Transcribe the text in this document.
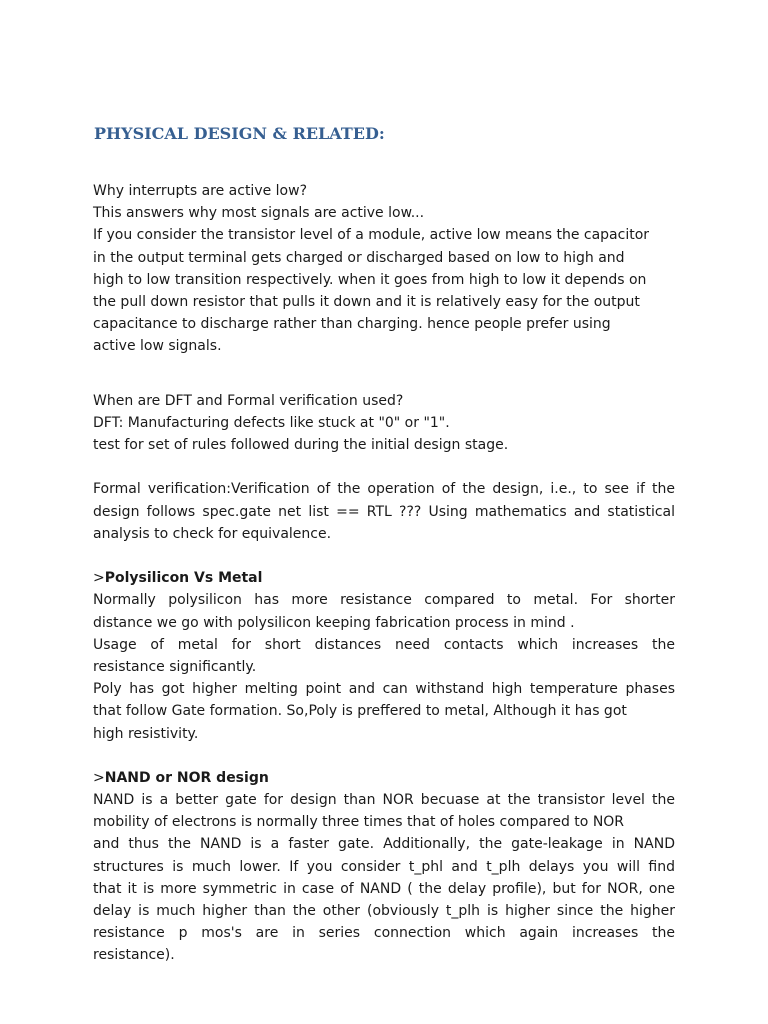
PHYSICAL DESIGN & RELATED:
Why interrupts are active low?
This answers why most signals are active low...
If you consider the transistor level of a module, active low means the capacitor
in the output terminal gets charged or discharged based on low to high and
high to low transition respectively. when it goes from high to low it depends on
the pull down resistor that pulls it down and it is relatively easy for the output
capacitance to discharge rather than charging. hence people prefer using
active low signals.
When are DFT and Formal verification used?
DFT: Manufacturing defects like stuck at "0" or "1".
test for set of rules followed during the initial design stage.
Formal verification:Verification of the operation of the design, i.e., to see if the
design follows spec.gate net list == RTL ??? Using mathematics and statistical
analysis to check for equivalence.
>Polysilicon Vs Metal
Normally polysilicon has more resistance compared to metal. For shorter
distance we go with polysilicon keeping fabrication process in mind .
Usage of metal for short distances need contacts which increases the
resistance significantly.
Poly has got higher melting point and can withstand high temperature phases
that follow Gate formation. So,Poly is preffered to metal, Although it has got
high resistivity.
>NAND or NOR design
NAND is a better gate for design than NOR becuase at the transistor level the
mobility of electrons is normally three times that of holes compared to NOR
and thus the NAND is a faster gate. Additionally, the gate-leakage in NAND
structures is much lower. If you consider t_phl and t_plh delays you will find
that it is more symmetric in case of NAND ( the delay profile), but for NOR, one
delay is much higher than the other (obviously t_plh is higher since the higher
resistance p mos's are in series connection which again increases the
resistance).
